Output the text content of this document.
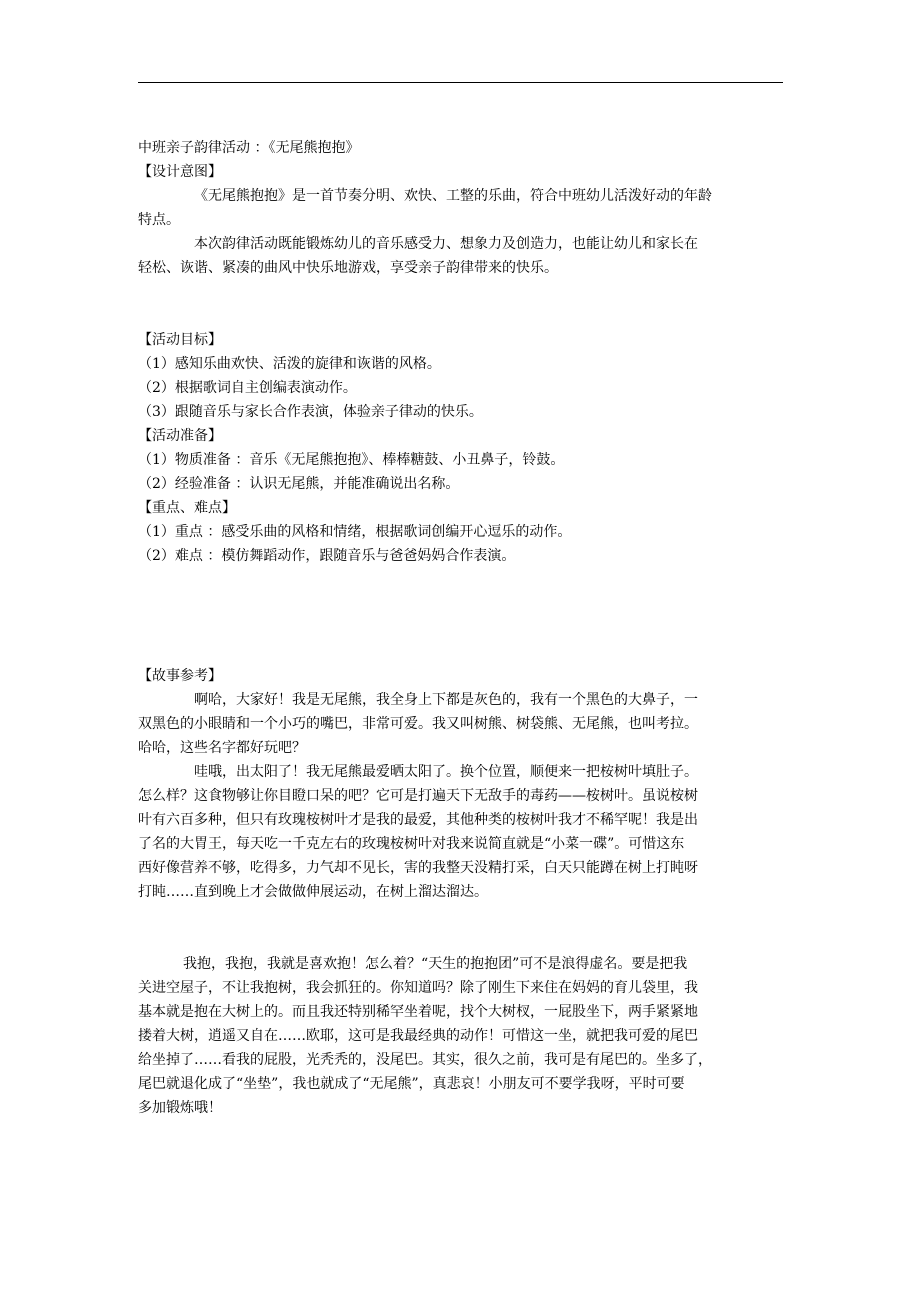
中班亲子韵律活动 ：《无尾熊抱抱》
【设计意图】

《无尾熊抱抱》是一首节奏分明、欢快、工整的乐曲，符合中班幼儿活泼好动的年龄
特点。

本次韵律活动既能锻炼幼儿的音乐感受力、想象力及创造力，也能让幼儿和家长在
轻松、诙谐、紧凑的曲风中快乐地游戏，享受亲子韵律带来的快乐。

【活动目标】
（1）感知乐曲欢快、活泼的旋律和诙谐的风格。
（2）根据歌词自主创编表演动作。
（3）跟随音乐与家长合作表演，体验亲子律动的快乐。
【活动准备】
（1）物质准备 ：音乐《无尾熊抱抱》、棒棒糖鼓、小丑鼻子，铃鼓。
（2）经验准备 ：认识无尾熊，并能准确说出名称。
【重点、难点】
（1）重点 ：感受乐曲的风格和情绪，根据歌词创编开心逗乐的动作。
（2）难点 ：模仿舞蹈动作，跟随音乐与爸爸妈妈合作表演。
【故事参考】

啊哈，大家好！我是无尾熊，我全身上下都是灰色的，我有一个黑色的大鼻子，一
双黑色的小眼睛和一个小巧的嘴巴，非常可爱。我又叫树熊、树袋熊、无尾熊，也叫考拉。
哈哈，这些名字都好玩吧？

哇哦，出太阳了！我无尾熊最爱晒太阳了。换个位置，顺便来一把桉树叶填肚子。
怎么样？这食物够让你目瞪口呆的吧？它可是打遍天下无敌手的毒药——桉树叶。虽说桉树
叶有六百多种，但只有玫瑰桉树叶才是我的最爱，其他种类的桉树叶我才不稀罕呢！我是出
了名的大胃王，每天吃一千克左右的玫瑰桉树叶对我来说简直就是“小菜一碟”。可惜这东
西好像营养不够，吃得多，力气却不见长，害的我整天没精打采，白天只能蹲在树上打盹呀
打盹……直到晚上才会做做伸展运动，在树上溜达溜达。

我抱，我抱，我就是喜欢抱！怎么着？“天生的抱抱团”可不是浪得虚名。要是把我
关进空屋子，不让我抱树，我会抓狂的。你知道吗？除了刚生下来住在妈妈的育儿袋里，我
基本就是抱在大树上的。而且我还特别稀罕坐着呢，找个大树杈，一屁股坐下，两手紧紧地
搂着大树，逍遥又自在……欧耶，这可是我最经典的动作！可惜这一坐，就把我可爱的尾巴
给坐掉了……看我的屁股，光秃秃的，没尾巴。其实，很久之前，我可是有尾巴的。坐多了，
尾巴就退化成了“坐垫”，我也就成了“无尾熊”，真悲哀！小朋友可不要学我呀，平时可要
多加锻炼哦！
